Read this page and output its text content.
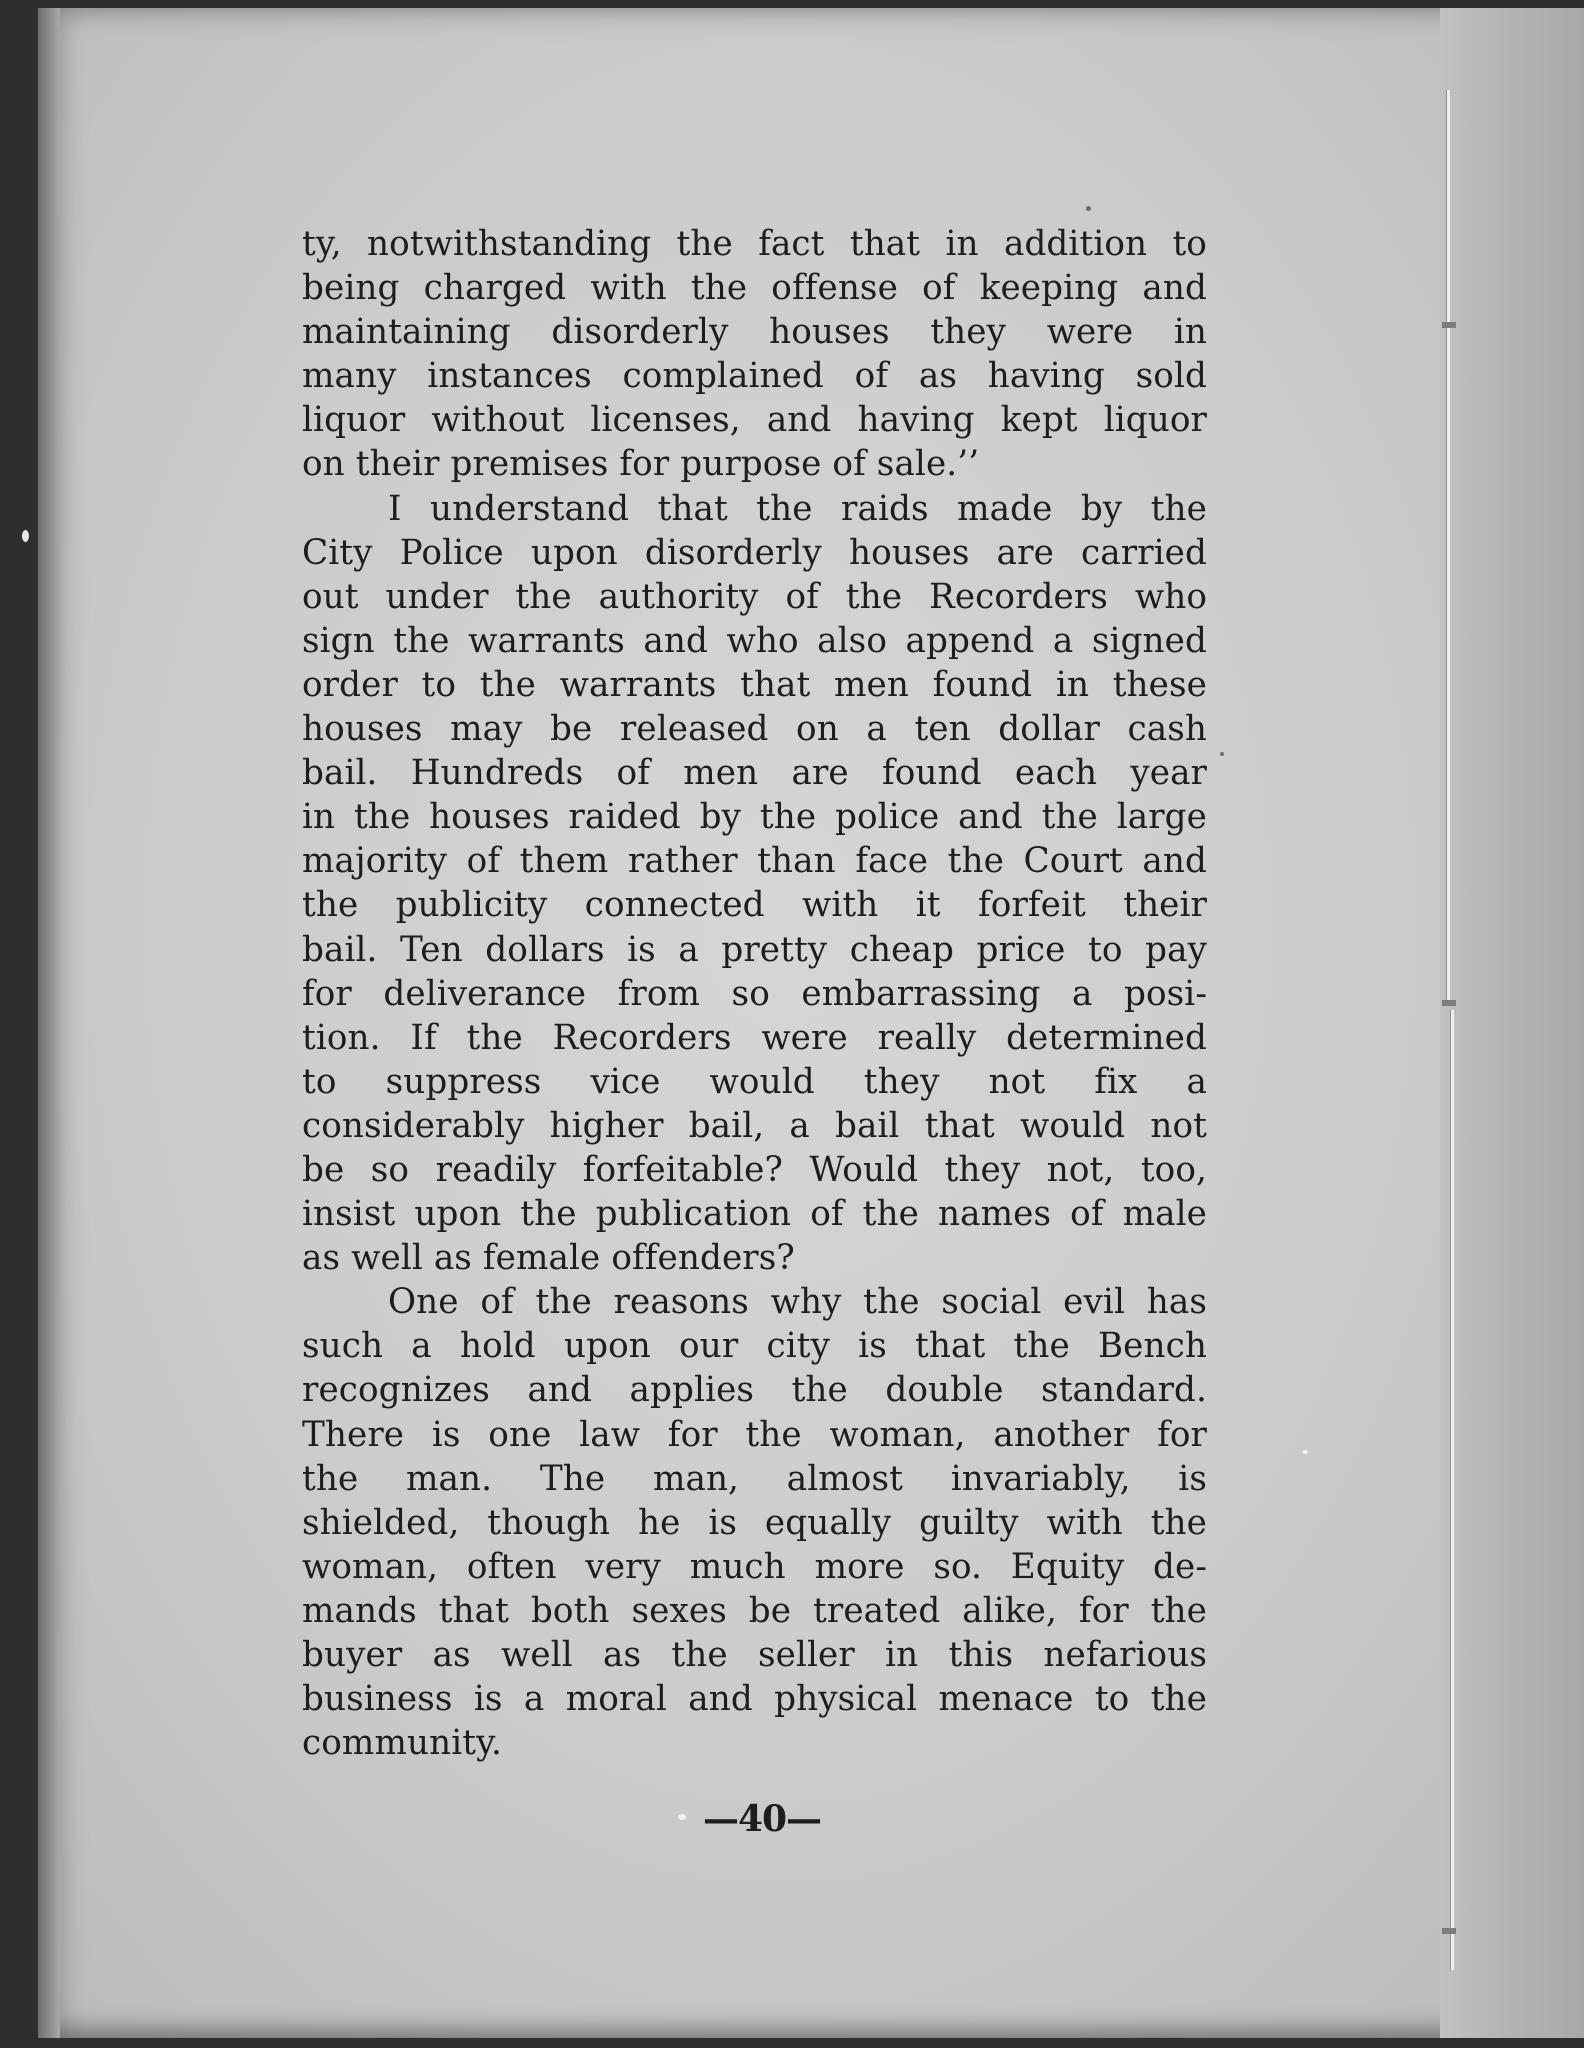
ty, notwithstanding the fact that in addition to
being charged with the offense of keeping and
maintaining disorderly houses they were in
many instances complained of as having sold
liquor without licenses, and having kept liquor
on their premises for purpose of sale.’’
I understand that the raids made by the
City Police upon disorderly houses are carried
out under the authority of the Recorders who
sign the warrants and who also append a signed
order to the warrants that men found in these
houses may be released on a ten dollar cash
bail. Hundreds of men are found each year
in the houses raided by the police and the large
majority of them rather than face the Court and
the publicity connected with it forfeit their
bail. Ten dollars is a pretty cheap price to pay
for deliverance from so embarrassing a posi-
tion. If the Recorders were really determined
to suppress vice would they not fix a
considerably higher bail, a bail that would not
be so readily forfeitable? Would they not, too,
insist upon the publication of the names of male
as well as female offenders?
One of the reasons why the social evil has
such a hold upon our city is that the Bench
recognizes and applies the double standard.
There is one law for the woman, another for
the man. The man, almost invariably, is
shielded, though he is equally guilty with the
woman, often very much more so. Equity de-
mands that both sexes be treated alike, for the
buyer as well as the seller in this nefarious
business is a moral and physical menace to the
community.
—40—
